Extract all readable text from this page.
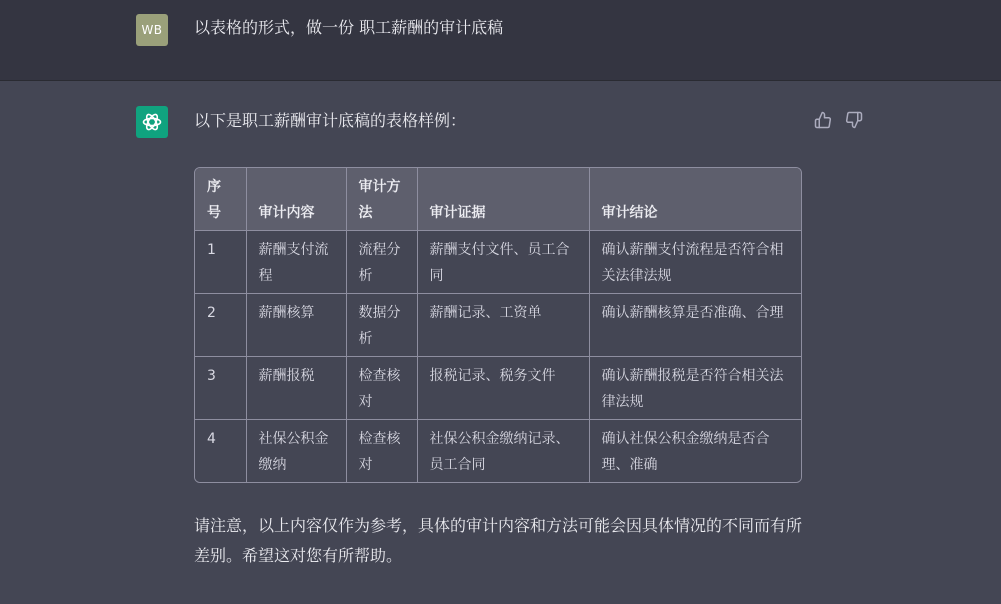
WB	以表格的形式，做一份 职工薪酬的审计底稿
以下是职工薪酬审计底稿的表格样例：
序号	审计内容	审计方法	审计证据	审计结论
1	薪酬支付流程	流程分析	薪酬支付文件、员工合同	确认薪酬支付流程是否符合相关法律法规
2	薪酬核算	数据分析	薪酬记录、工资单	确认薪酬核算是否准确、合理
3	薪酬报税	检查核对	报税记录、税务文件	确认薪酬报税是否符合相关法律法规
4	社保公积金缴纳	检查核对	社保公积金缴纳记录、员工合同	确认社保公积金缴纳是否合理、准确
请注意，以上内容仅作为参考，具体的审计内容和方法可能会因具体情况的不同而有所差别。希望这对您有所帮助。
